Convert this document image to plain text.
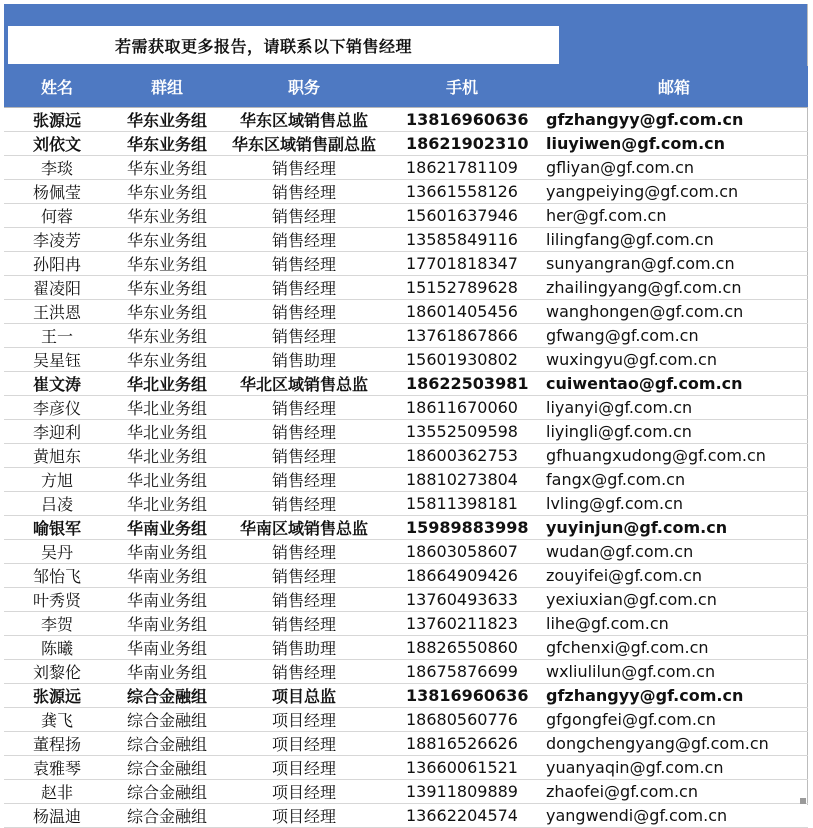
若需获取更多报告，请联系以下销售经理
姓名	群组	职务	手机	邮箱
张源远	华东业务组	华东区域销售总监	13816960636	gfzhangyy@gf.com.cn
刘依文	华东业务组	华东区域销售副总监	18621902310	liuyiwen@gf.com.cn
李琰	华东业务组	销售经理	18621781109	gfliyan@gf.com.cn
杨佩莹	华东业务组	销售经理	13661558126	yangpeiying@gf.com.cn
何蓉	华东业务组	销售经理	15601637946	her@gf.com.cn
李凌芳	华东业务组	销售经理	13585849116	lilingfang@gf.com.cn
孙阳冉	华东业务组	销售经理	17701818347	sunyangran@gf.com.cn
翟凌阳	华东业务组	销售经理	15152789628	zhailingyang@gf.com.cn
王洪恩	华东业务组	销售经理	18601405456	wanghongen@gf.com.cn
王一	华东业务组	销售经理	13761867866	gfwang@gf.com.cn
吴星钰	华东业务组	销售助理	15601930802	wuxingyu@gf.com.cn
崔文涛	华北业务组	华北区域销售总监	18622503981	cuiwentao@gf.com.cn
李彦仪	华北业务组	销售经理	18611670060	liyanyi@gf.com.cn
李迎利	华北业务组	销售经理	13552509598	liyingli@gf.com.cn
黄旭东	华北业务组	销售经理	18600362753	gfhuangxudong@gf.com.cn
方旭	华北业务组	销售经理	18810273804	fangx@gf.com.cn
吕凌	华北业务组	销售经理	15811398181	lvling@gf.com.cn
喻银军	华南业务组	华南区域销售总监	15989883998	yuyinjun@gf.com.cn
吴丹	华南业务组	销售经理	18603058607	wudan@gf.com.cn
邹怡飞	华南业务组	销售经理	18664909426	zouyifei@gf.com.cn
叶秀贤	华南业务组	销售经理	13760493633	yexiuxian@gf.com.cn
李贺	华南业务组	销售经理	13760211823	lihe@gf.com.cn
陈曦	华南业务组	销售助理	18826550860	gfchenxi@gf.com.cn
刘黎伦	华南业务组	销售经理	18675876699	wxliulilun@gf.com.cn
张源远	综合金融组	项目总监	13816960636	gfzhangyy@gf.com.cn
龚飞	综合金融组	项目经理	18680560776	gfgongfei@gf.com.cn
董程扬	综合金融组	项目经理	18816526626	dongchengyang@gf.com.cn
袁雅琴	综合金融组	项目经理	13660061521	yuanyaqin@gf.com.cn
赵非	综合金融组	项目经理	13911809889	zhaofei@gf.com.cn
杨温迪	综合金融组	项目经理	13662204574	yangwendi@gf.com.cn
